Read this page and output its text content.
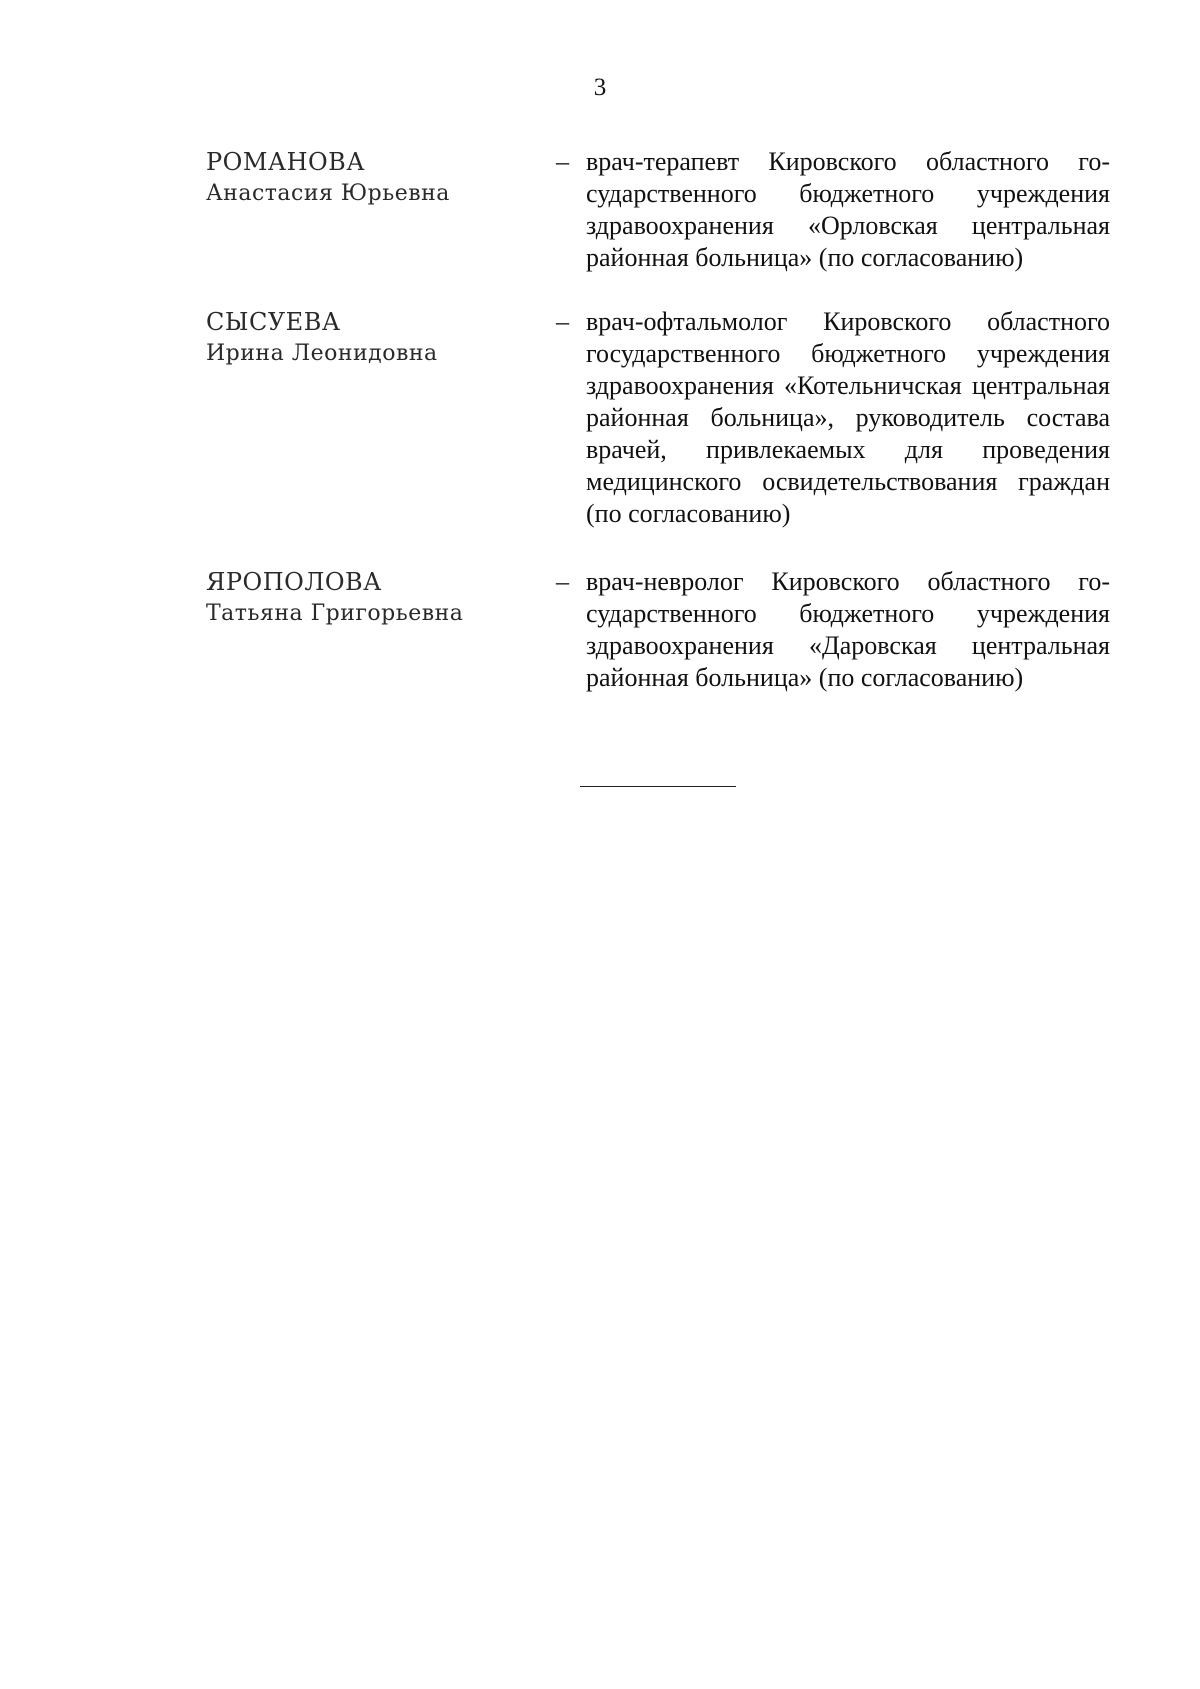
3
РОМАНОВА
Анастасия Юрьевна
– врач-терапевт Кировского областного государственного бюджетного учреждения здравоохранения «Орловская центральная районная больница» (по согласованию)
СЫСУЕВА
Ирина Леонидовна
– врач-офтальмолог Кировского областного государственного бюджетного учреждения здравоохранения «Котельничская центральная районная больница», руководитель состава врачей, привлекаемых для проведения медицинского освидетельствования граждан (по согласованию)
ЯРОПОЛОВА
Татьяна Григорьевна
– врач-невролог Кировского областного государственного бюджетного учреждения здравоохранения «Даровская центральная районная больница» (по согласованию)
